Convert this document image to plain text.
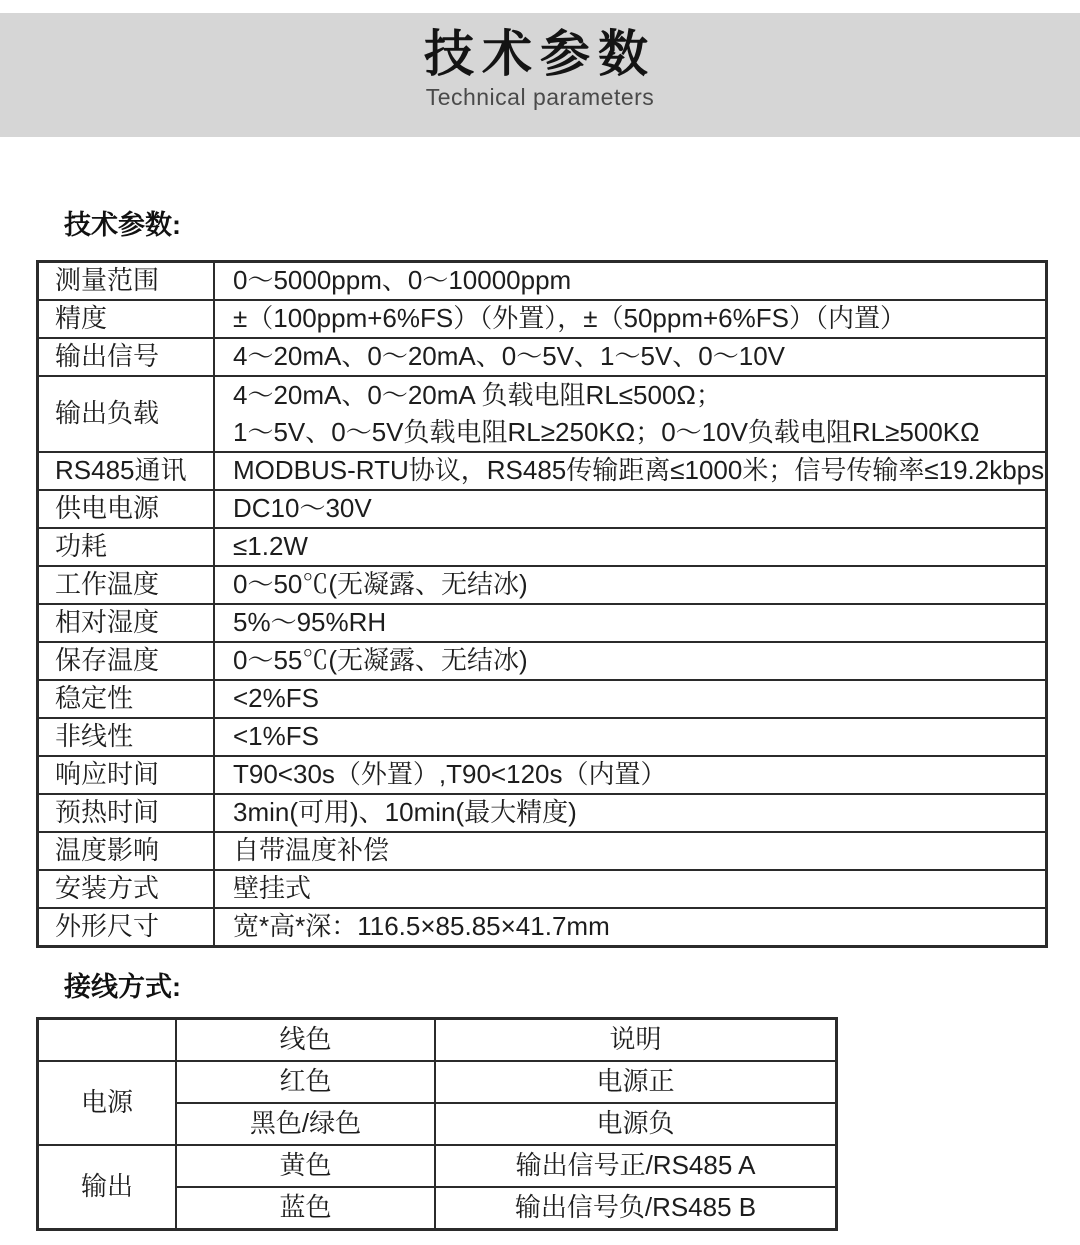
技术参数
Technical parameters
技术参数:
测量范围	0～5000ppm、0～10000ppm
精度	±（100ppm+6%FS）（外置），±（50ppm+6%FS）（内置）
输出信号	4～20mA、0～20mA、0～5V、1～5V、0～10V
输出负载	4～20mA、0～20mA 负载电阻RL≤500Ω；
1～5V、0～5V负载电阻RL≥250KΩ；0～10V负载电阻RL≥500KΩ

RS485通讯	MODBUS-RTU协议，RS485传输距离≤1000米；信号传输率≤19.2kbps
供电电源	DC10～30V
功耗	≤1.2W
工作温度	0～50℃(无凝露、无结冰)
相对湿度	5%～95%RH
保存温度	0～55℃(无凝露、无结冰)
稳定性	<2%FS
非线性	<1%FS
响应时间	T90<30s（外置）,T90<120s（内置）
预热时间	3min(可用)、10min(最大精度)
温度影响	自带温度补偿
安装方式	壁挂式
外形尺寸	宽*高*深：116.5×85.85×41.7mm
接线方式:
	线色	说明
电源	红色	电源正
	黑色/绿色	电源负
输出	黄色	输出信号正/RS485 A
	蓝色	输出信号负/RS485 B
